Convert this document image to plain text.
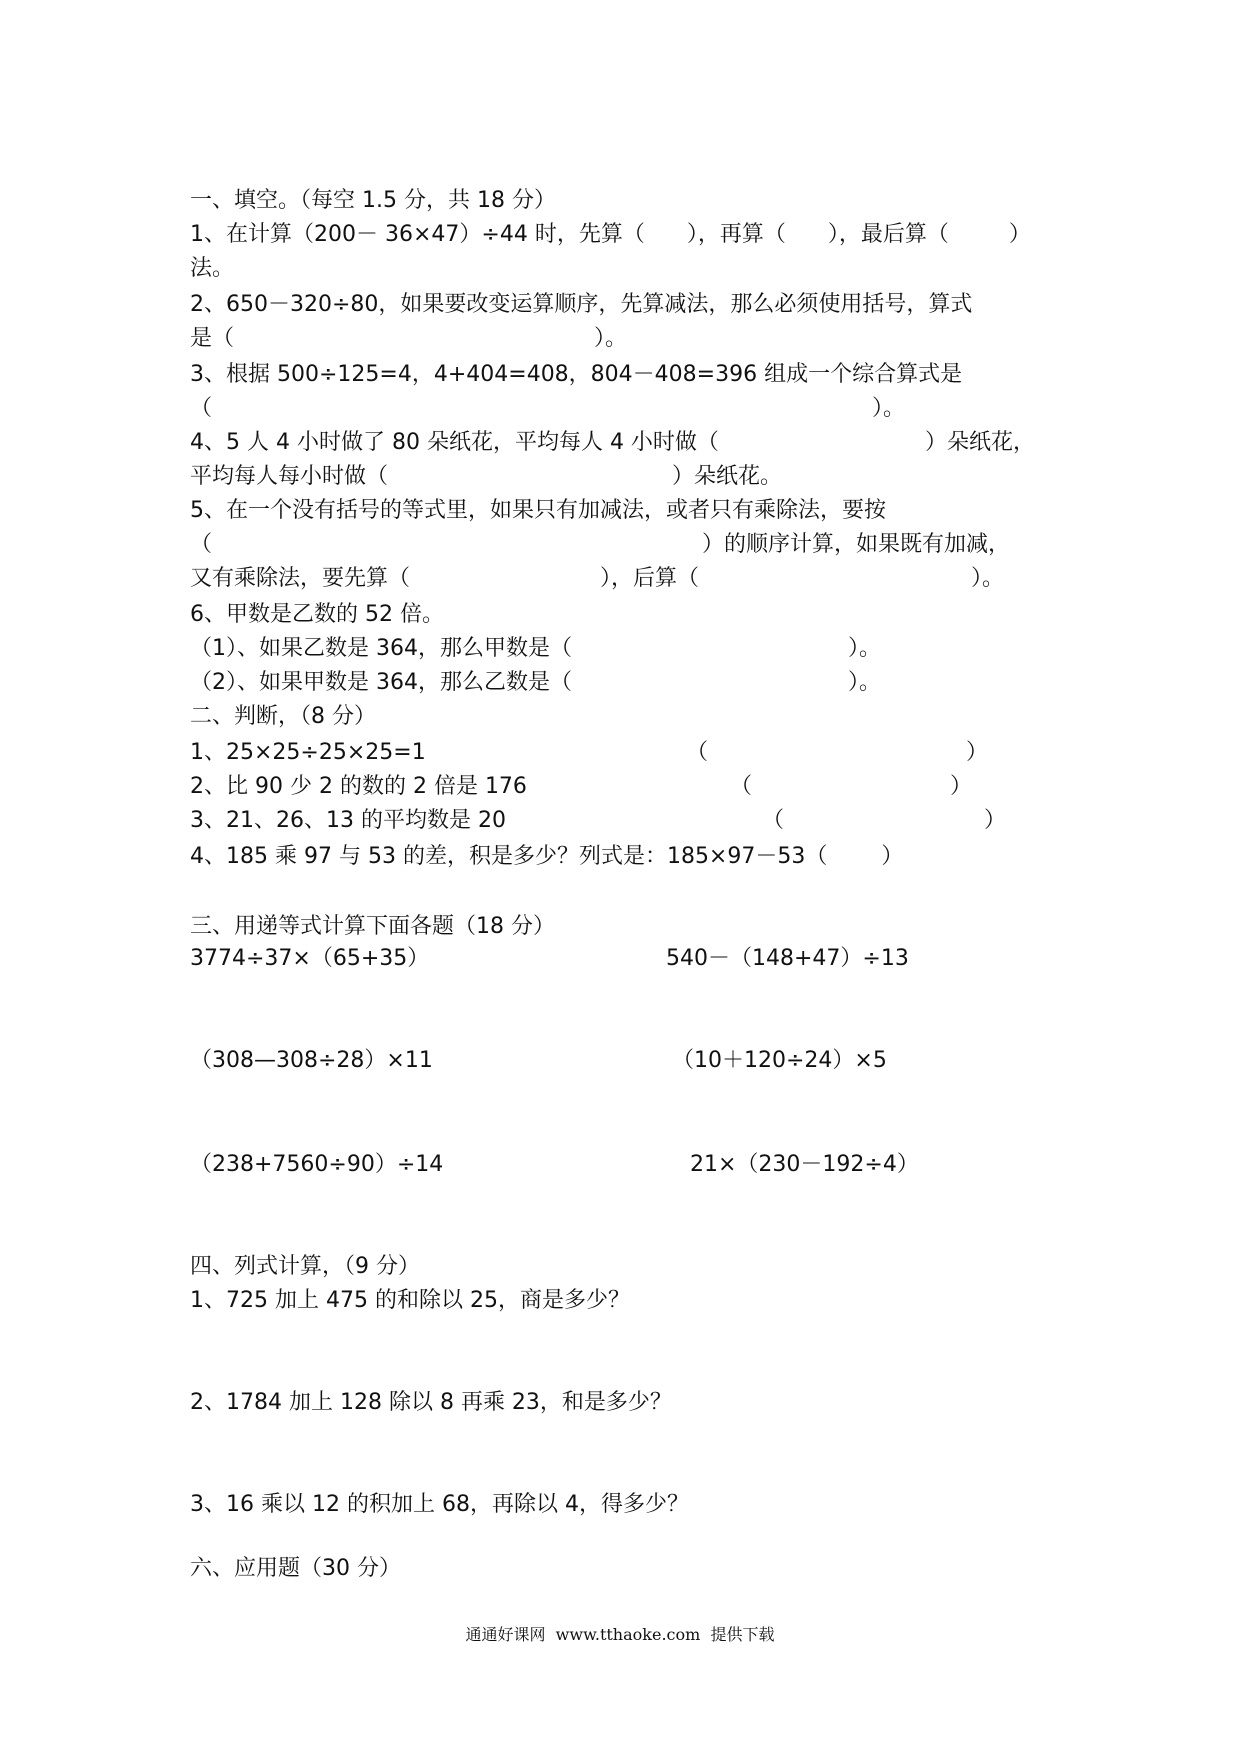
一、填空。（每空 1.5 分，共 18 分）
1、在计算（200－ 36×47）÷44 时，先算（ ），再算（ ），最后算（	）
法。
2、650－320÷80，如果要改变运算顺序，先算减法，那么必须使用括号，算式
是（	）。
3、根据 500÷125=4，4+404=408，804－408=396 组成一个综合算式是
（	）。
4、5 人 4 小时做了 80 朵纸花，平均每人 4 小时做（	）朵纸花，
平均每人每小时做（	）朵纸花。
5、在一个没有括号的等式里，如果只有加减法，或者只有乘除法，要按
（	）的顺序计算，如果既有加减，
又有乘除法，要先算（	），后算（	）。
6、甲数是乙数的 52 倍。
（1）、如果乙数是 364，那么甲数是（	）。
（2）、如果甲数是 364，那么乙数是（	）。
二、判断，（8 分）
1、25×25÷25×25=1	（	）
2、比 90 少 2 的数的 2 倍是 176	（	）
3、21、26、13 的平均数是 20	（	）
4、185 乘 97 与 53 的差，积是多少？列式是：185×97－53（ ）
三、用递等式计算下面各题（18 分）
3774÷37×（65+35）	540－（148+47）÷13
（308—308÷28）×11	（10＋120÷24）×5
（238+7560÷90）÷14	21×（230－192÷4）
四、列式计算，（9 分）
1、725 加上 475 的和除以 25，商是多少？
2、1784 加上 128 除以 8 再乘 23，和是多少？
3、16 乘以 12 的积加上 68，再除以 4，得多少？
六、应用题（30 分）
通通好课网  www.tthaoke.com  提供下载
